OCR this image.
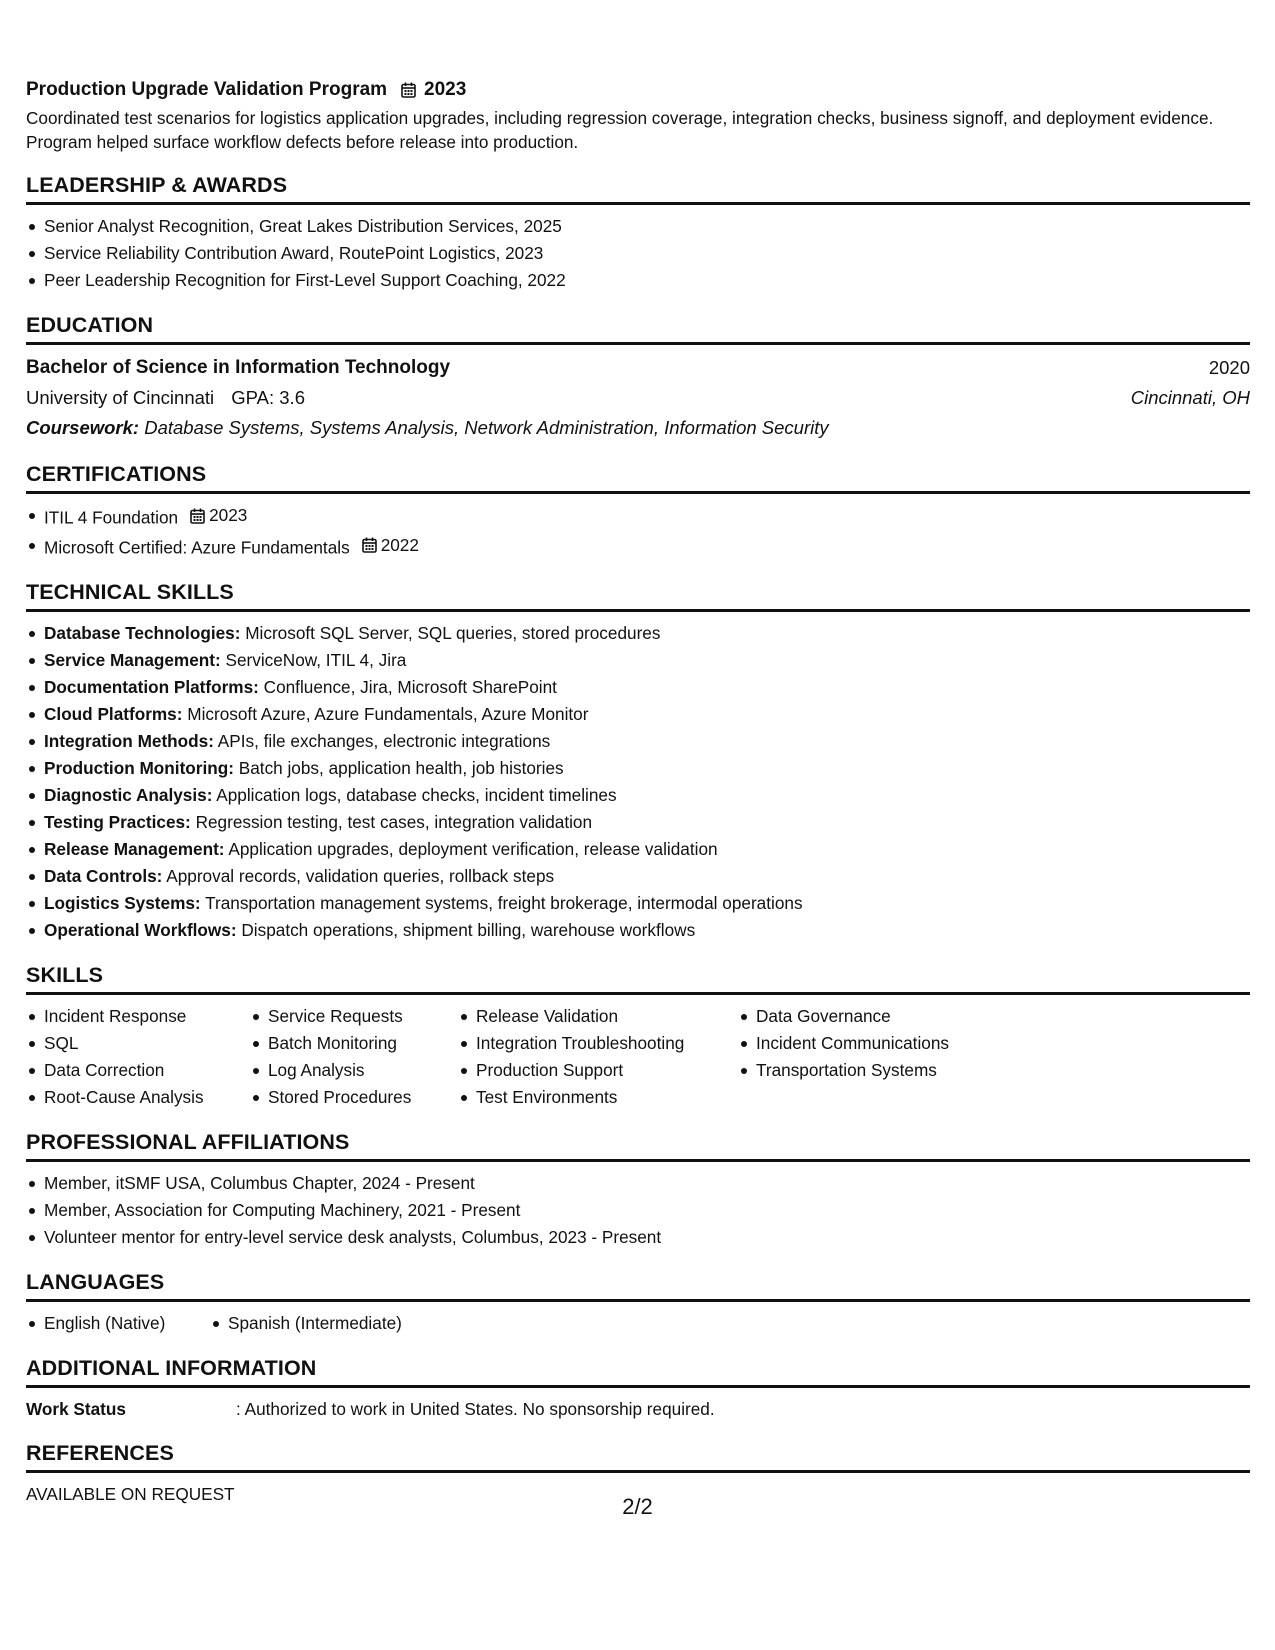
Production Upgrade Validation Program 2023
Coordinated test scenarios for logistics application upgrades, including regression coverage, integration checks, business signoff, and deployment evidence. Program helped surface workflow defects before release into production.
LEADERSHIP & AWARDS
Senior Analyst Recognition, Great Lakes Distribution Services, 2025
Service Reliability Contribution Award, RoutePoint Logistics, 2023
Peer Leadership Recognition for First-Level Support Coaching, 2022
EDUCATION
Bachelor of Science in Information Technology	2020
University of Cincinnati GPA: 3.6	Cincinnati, OH
Coursework: Database Systems, Systems Analysis, Network Administration, Information Security
CERTIFICATIONS
ITIL 4 Foundation 2023
Microsoft Certified: Azure Fundamentals 2022
TECHNICAL SKILLS
Database Technologies: Microsoft SQL Server, SQL queries, stored procedures
Service Management: ServiceNow, ITIL 4, Jira
Documentation Platforms: Confluence, Jira, Microsoft SharePoint
Cloud Platforms: Microsoft Azure, Azure Fundamentals, Azure Monitor
Integration Methods: APIs, file exchanges, electronic integrations
Production Monitoring: Batch jobs, application health, job histories
Diagnostic Analysis: Application logs, database checks, incident timelines
Testing Practices: Regression testing, test cases, integration validation
Release Management: Application upgrades, deployment verification, release validation
Data Controls: Approval records, validation queries, rollback steps
Logistics Systems: Transportation management systems, freight brokerage, intermodal operations
Operational Workflows: Dispatch operations, shipment billing, warehouse workflows
SKILLS
Incident Response
SQL
Data Correction
Root-Cause Analysis
Service Requests
Batch Monitoring
Log Analysis
Stored Procedures
Release Validation
Integration Troubleshooting
Production Support
Test Environments
Data Governance
Incident Communications
Transportation Systems
PROFESSIONAL AFFILIATIONS
Member, itSMF USA, Columbus Chapter, 2024 - Present
Member, Association for Computing Machinery, 2021 - Present
Volunteer mentor for entry-level service desk analysts, Columbus, 2023 - Present
LANGUAGES
English (Native)	Spanish (Intermediate)
ADDITIONAL INFORMATION
Work Status	: Authorized to work in United States. No sponsorship required.
REFERENCES
AVAILABLE ON REQUEST	2/2
